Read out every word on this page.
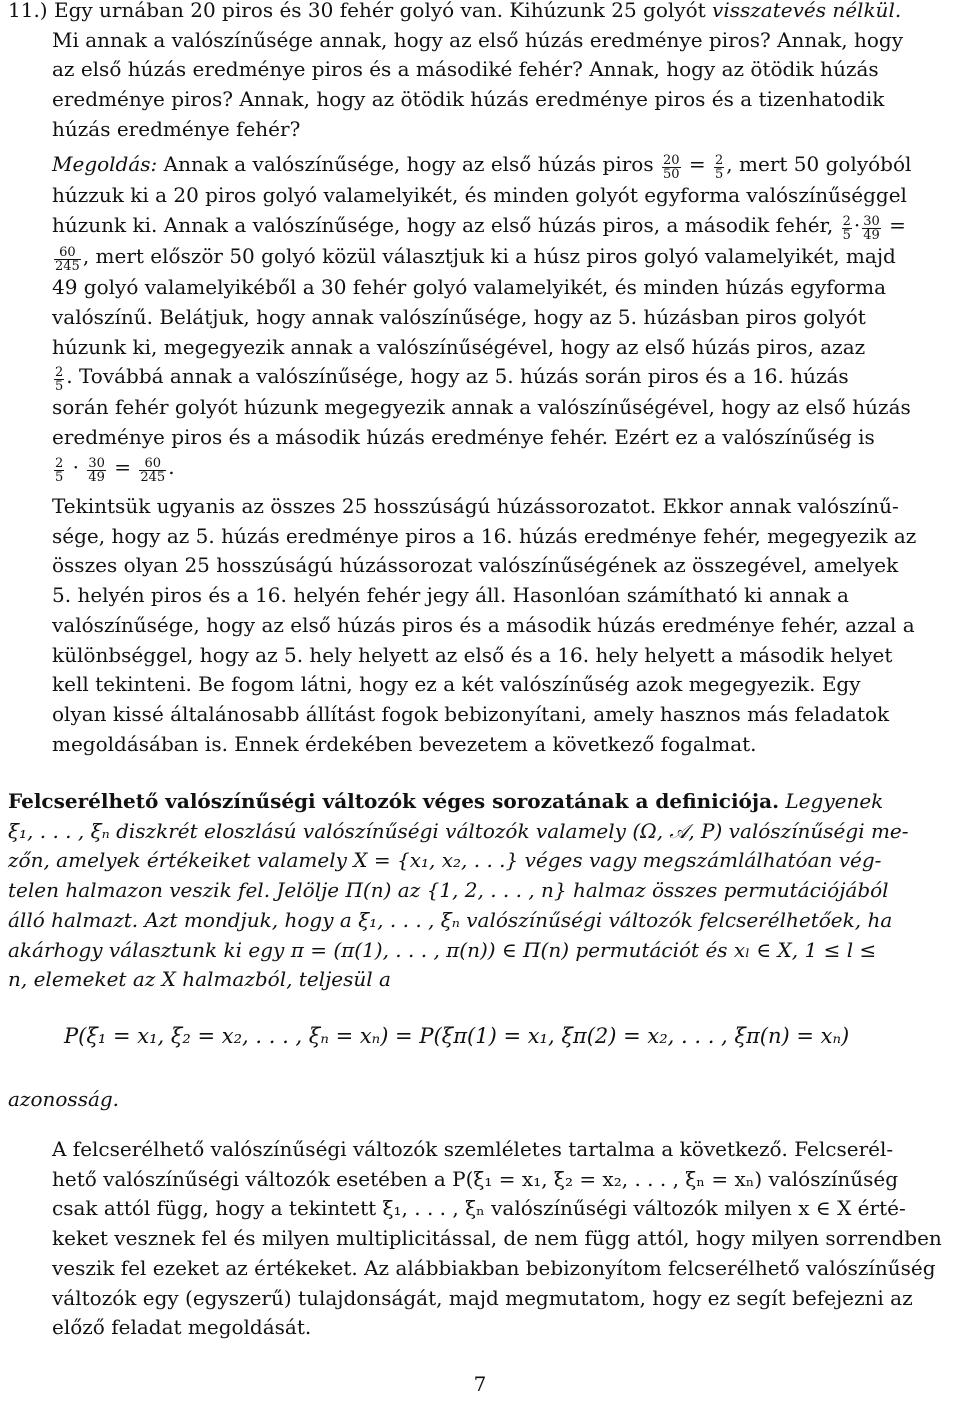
11.) Egy urnában 20 piros és 30 fehér golyó van. Kihúzunk 25 golyót visszatevés nélkül.
Mi annak a valószínűsége annak, hogy az első húzás eredménye piros? Annak, hogy
az első húzás eredménye piros és a másodiké fehér? Annak, hogy az ötödik húzás
eredménye piros? Annak, hogy az ötödik húzás eredménye piros és a tizenhatodik
húzás eredménye fehér?
Megoldás: Annak a valószínűsége, hogy az első húzás piros $\frac{20}{50} = \frac{2}{5}$ , mert 50 golyóból
húzzuk ki a 20 piros golyó valamelyikét, és minden golyót egyforma valószínűséggel
húzunk ki. Annak a valószínűsége, hogy az első húzás piros, a második fehér, $\frac{2}{5} \cdot \frac{30}{49}$ =
$\frac{60}{245}$ , mert először 50 golyó közül választjuk ki a húsz piros golyó valamelyikét, majd
49 golyó valamelyikéből a 30 fehér golyó valamelyikét, és minden húzás egyforma
valószínű. Belátjuk, hogy annak valószínűsége, hogy az 5. húzásban piros golyót
húzunk ki, megegyezik annak a valószínűségével, hogy az első húzás piros, azaz
$\frac{2}{5}$ . Továbbá annak a valószínűsége, hogy az 5. húzás során piros és a 16. húzás
során fehér golyót húzunk megegyezik annak a valószínűségével, hogy az első húzás
eredménye piros és a második húzás eredménye fehér. Ezért ez a valószínűség is
$\frac{2}{5} \cdot \frac{30}{49} = \frac{60}{245}$ .
Tekintsük ugyanis az összes 25 hosszúságú húzássorozatot. Ekkor annak valószínű-
sége, hogy az 5. húzás eredménye piros a 16. húzás eredménye fehér, megegyezik az
összes olyan 25 hosszúságú húzássorozat valószínűségének az összegével, amelyek
5. helyén piros és a 16. helyén fehér jegy áll. Hasonlóan számítható ki annak a
valószínűsége, hogy az első húzás piros és a második húzás eredménye fehér, azzal a
különbséggel, hogy az 5. hely helyett az első és a 16. hely helyett a második helyet
kell tekinteni. Be fogom látni, hogy ez a két valószínűség azok megegyezik. Egy
olyan kissé általánosabb állítást fogok bebizonyítani, amely hasznos más feladatok
megoldásában is. Ennek érdekében bevezetem a következő fogalmat.
Felcserélhető valószínűségi változók véges sorozatának a definiciója. Legyenek
ξ₁, . . . , ξₙ diszkrét eloszlású valószínűségi változók valamely (Ω, 𝒜, P) valószínűségi me-
zőn, amelyek értékeiket valamely X = {x₁, x₂, . . .} véges vagy megszámlálhatóan vég-
telen halmazon veszik fel. Jelölje Π(n) az {1, 2, . . . , n} halmaz összes permutációjából
álló halmazt. Azt mondjuk, hogy a ξ₁, . . . , ξₙ valószínűségi változók felcserélhetőek, ha
akárhogy választunk ki egy π = (π(1), . . . , π(n)) ∈ Π(n) permutációt és xₗ ∈ X, 1 ≤ l ≤
n, elemeket az X halmazból, teljesül a
P(ξ₁ = x₁, ξ₂ = x₂, . . . , ξₙ = xₙ) = P(ξπ(1) = x₁, ξπ(2) = x₂, . . . , ξπ(n) = xₙ)
azonosság.
A felcserélhető valószínűségi változók szemléletes tartalma a következő. Felcserél-
hető valószínűségi változók esetében a P(ξ₁ = x₁, ξ₂ = x₂, . . . , ξₙ = xₙ) valószínűség
csak attól függ, hogy a tekintett ξ₁, . . . , ξₙ valószínűségi változók milyen x ∈ X érté-
keket vesznek fel és milyen multiplicitással, de nem függ attól, hogy milyen sorrendben
veszik fel ezeket az értékeket. Az alábbiakban bebizonyítom felcserélhető valószínűség
változók egy (egyszerű) tulajdonságát, majd megmutatom, hogy ez segít befejezni az
előző feladat megoldását.
7
